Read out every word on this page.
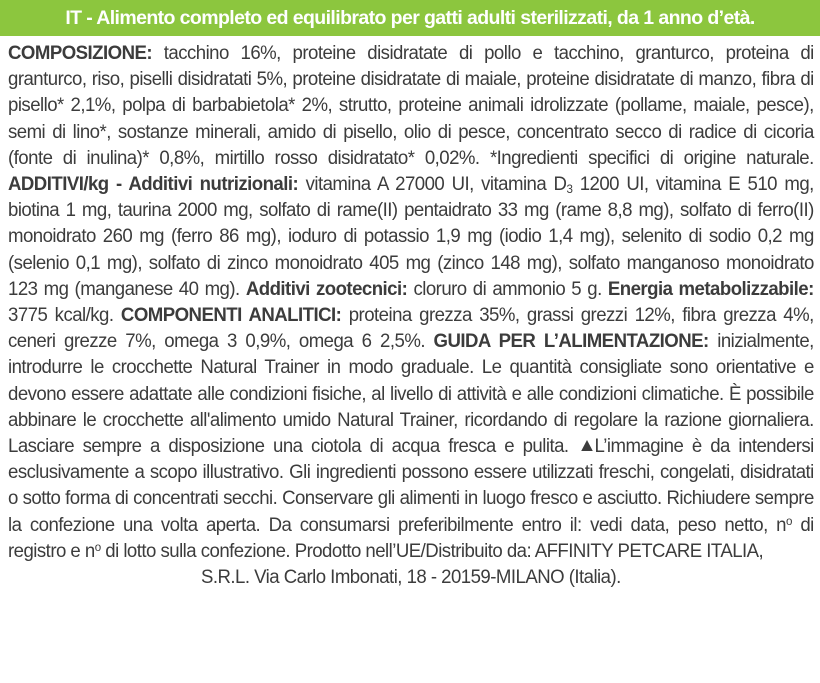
IT - Alimento completo ed equilibrato per gatti adulti sterilizzati, da 1 anno d’età.
COMPOSIZIONE: tacchino 16%, proteine disidratate di pollo e tacchino, granturco, proteina di granturco, riso, piselli disidratati 5%, proteine disidratate di maiale, proteine disidratate di manzo, fibra di pisello* 2,1%, polpa di barbabietola* 2%, strutto, proteine animali idrolizzate (pollame, maiale, pesce), semi di lino*, sostanze minerali, amido di pisello, olio di pesce, concentrato secco di radice di cicoria (fonte di inulina)* 0,8%, mirtillo rosso disidratato* 0,02%. *Ingredienti specifici di origine naturale. ADDITIVI/kg - Additivi nutrizionali: vitamina A 27000 UI, vitamina $D_3$ 1200 UI, vitamina E 510 mg, biotina 1 mg, taurina 2000 mg, solfato di rame(II) pentaidrato 33 mg (rame 8,8 mg), solfato di ferro(II) monoidrato 260 mg (ferro 86 mg), ioduro di potassio 1,9 mg (iodio 1,4 mg), selenito di sodio 0,2 mg (selenio 0,1 mg), solfato di zinco monoidrato 405 mg (zinco 148 mg), solfato manganoso monoidrato 123 mg (manganese 40 mg). Additivi zootecnici: cloruro di ammonio 5 g. Energia metabolizzabile: 3775 kcal/kg. COMPONENTI ANALITICI: proteina grezza 35%, grassi grezzi 12%, fibra grezza 4%, ceneri grezze 7%, omega 3 0,9%, omega 6 2,5%. GUIDA PER L’ALIMENTAZIONE: inizialmente, introdurre le crocchette Natural Trainer in modo graduale. Le quantità consigliate sono orientative e devono essere adattate alle condizioni fisiche, al livello di attività e alle condizioni climatiche. È possibile abbinare le crocchette all'alimento umido Natural Trainer, ricordando di regolare la razione giornaliera. Lasciare sempre a disposizione una ciotola di acqua fresca e pulita. L’immagine è da intendersi esclusivamente a scopo illustrativo. Gli ingredienti possono essere utilizzati freschi, congelati, disidratati o sotto forma di concentrati secchi. Conservare gli alimenti in luogo fresco e asciutto. Richiudere sempre la confezione una volta aperta. Da consumarsi preferibilmente entro il: vedi data, peso netto, $n^o$ di registro e $n^o$ di lotto sulla confezione. Prodotto nell’UE/Distribuito da: AFFINITY PETCARE ITALIA,
S.R.L. Via Carlo Imbonati, 18 - 20159-MILANO (Italia).
